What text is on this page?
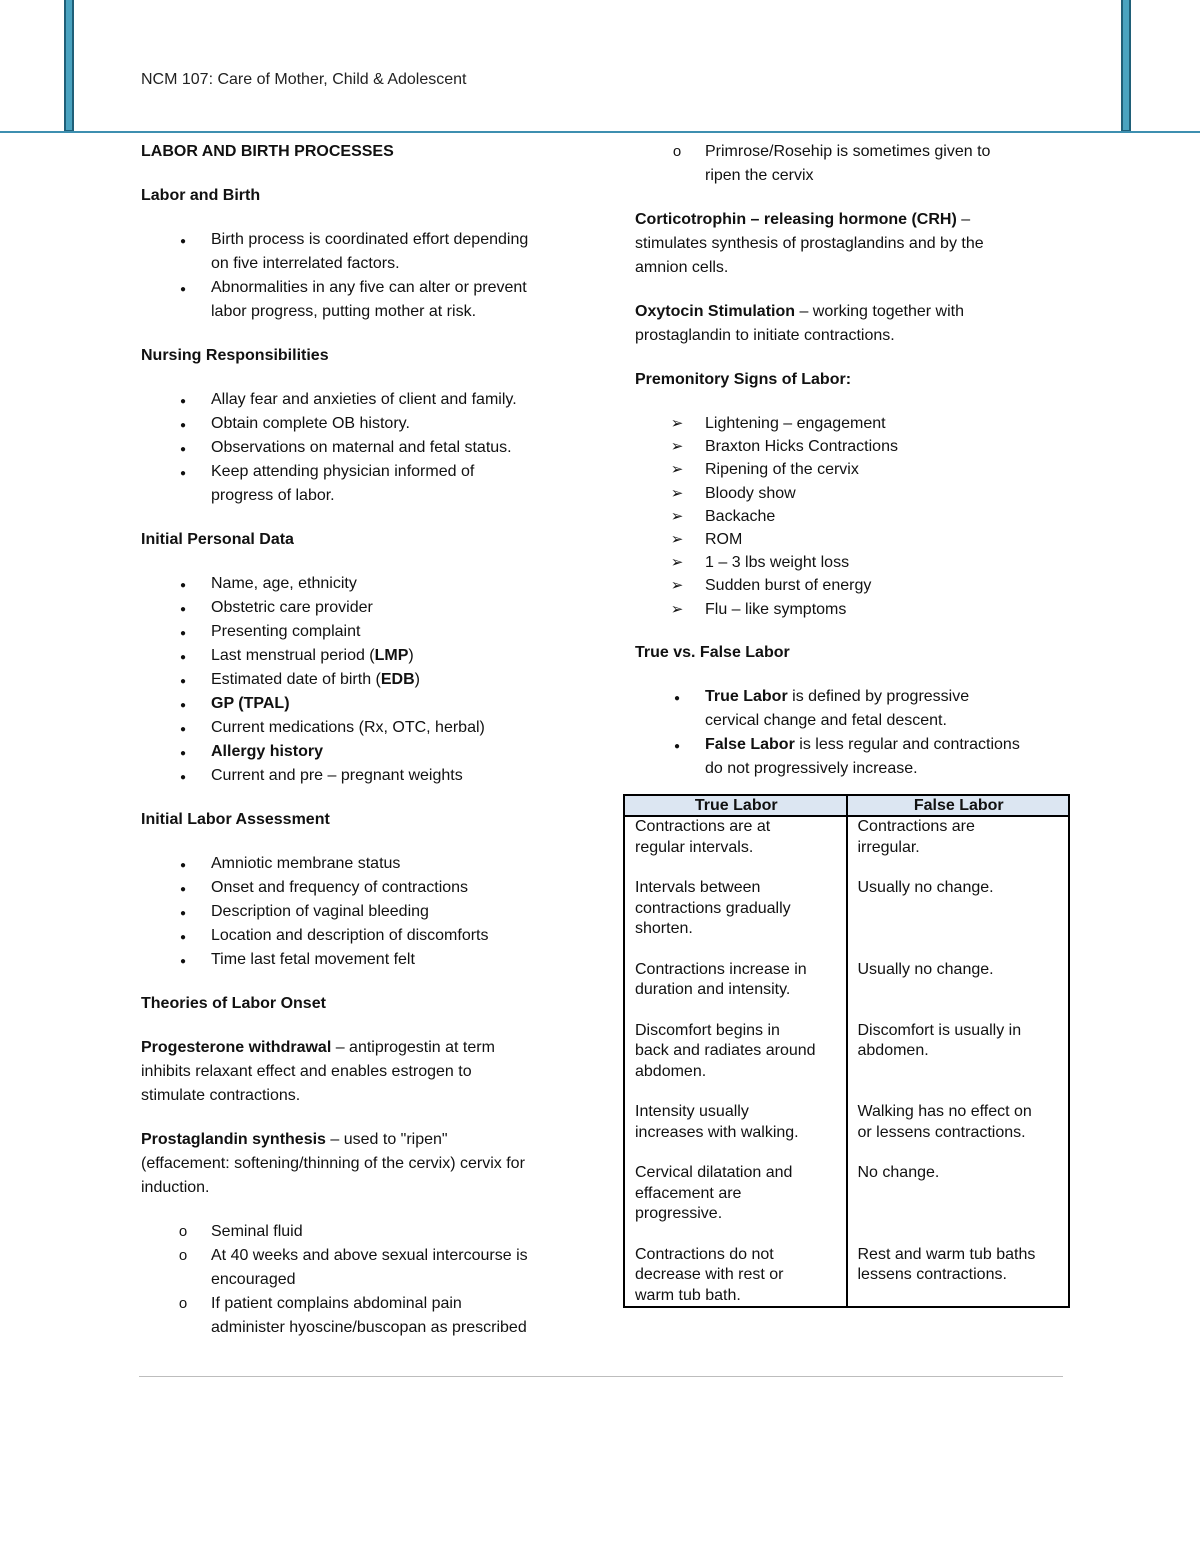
NCM 107: Care of Mother, Child & Adolescent
LABOR AND BIRTH PROCESSES
Labor and Birth
●
Birth process is coordinated effort depending
on five interrelated factors.
●
Abnormalities in any five can alter or prevent
labor progress, putting mother at risk.
Nursing Responsibilities
●
Allay fear and anxieties of client and family.
●
Obtain complete OB history.
●
Observations on maternal and fetal status.
●
Keep attending physician informed of
progress of labor.
Initial Personal Data
●
Name, age, ethnicity
●
Obstetric care provider
●
Presenting complaint
●
Last menstrual period (LMP)
●
Estimated date of birth (EDB)
●
GP (TPAL)
●
Current medications (Rx, OTC, herbal)
●
Allergy history
●
Current and pre – pregnant weights
Initial Labor Assessment
●
Amniotic membrane status
●
Onset and frequency of contractions
●
Description of vaginal bleeding
●
Location and description of discomforts
●
Time last fetal movement felt
Theories of Labor Onset

Progesterone withdrawal – antiprogestin at term
inhibits relaxant effect and enables estrogen to
stimulate contractions.

Prostaglandin synthesis – used to "ripen"
(effacement: softening/thinning of the cervix) cervix for
induction.

o
Seminal fluid
o
At 40 weeks and above sexual intercourse is
encouraged
o
If patient complains abdominal pain
administer hyoscine/buscopan as prescribed
o
Primrose/Rosehip is sometimes given to
ripen the cervix

Corticotrophin – releasing hormone (CRH) –
stimulates synthesis of prostaglandins and by the
amnion cells.

Oxytocin Stimulation – working together with
prostaglandin to initiate contractions.

Premonitory Signs of Labor:
➢
Lightening – engagement
➢
Braxton Hicks Contractions
➢
Ripening of the cervix
➢
Bloody show
➢
Backache
➢
ROM
➢
1 – 3 lbs weight loss
➢
Sudden burst of energy
➢
Flu – like symptoms
True vs. False Labor
●
True Labor is defined by progressive
cervical change and fetal descent.
●
False Labor is less regular and contractions
do not progressively increase.
True Labor	False Labor
Contractions are at
regular intervals.	Contractions are
irregular.
Intervals between
contractions gradually
shorten.	Usually no change.
Contractions increase in
duration and intensity.	Usually no change.
Discomfort begins in
back and radiates around
abdomen.	Discomfort is usually in
abdomen.
Intensity usually
increases with walking.	Walking has no effect on
or lessens contractions.
Cervical dilatation and
effacement are
progressive.	No change.
Contractions do not
decrease with rest or
warm tub bath.	Rest and warm tub baths
lessens contractions.
